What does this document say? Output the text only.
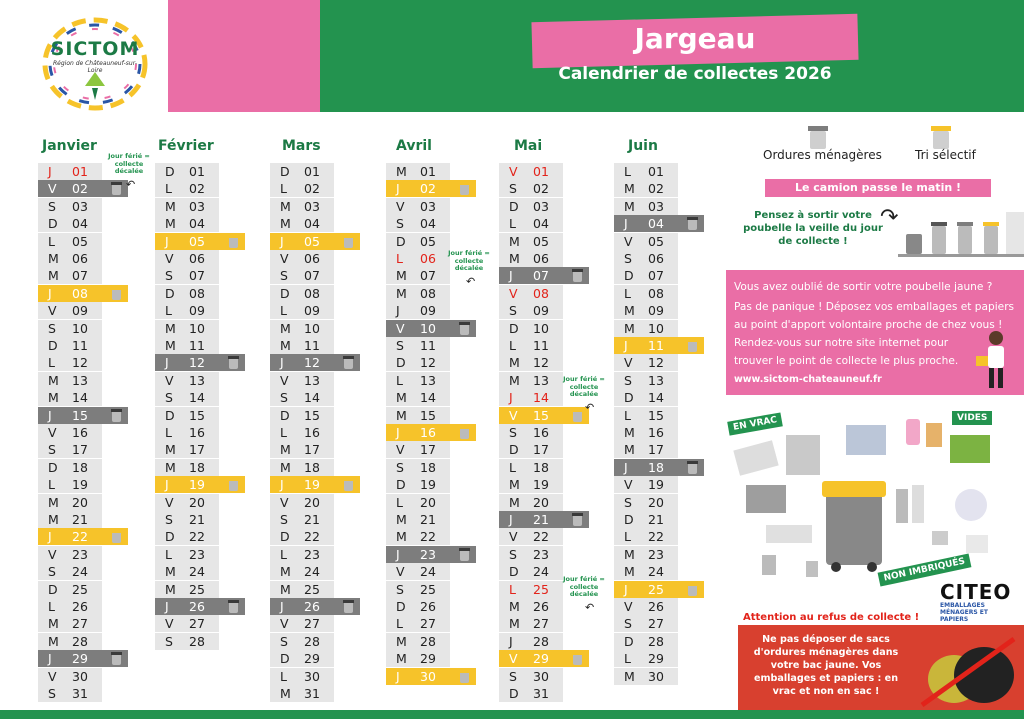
SICTOM
Région de Châteauneuf-sur-Loire
Jargeau
Calendrier de collectes 2026
Janvier
J 01
V 02
S 03
D 04
L 05
M 06
M 07
J 08
V 09
S 10
D 11
L 12
M 13
M 14
J 15
V 16
S 17
D 18
L 19
M 20
M 21
J 22
V 23
S 24
D 25
L 26
M 27
M 28
J 29
V 30
S 31
Février
D 01
L 02
M 03
M 04
J 05
V 06
S 07
D 08
L 09
M 10
M 11
J 12
V 13
S 14
D 15
L 16
M 17
M 18
J 19
V 20
S 21
D 22
L 23
M 24
M 25
J 26
V 27
S 28
Mars
D 01
L 02
M 03
M 04
J 05
V 06
S 07
D 08
L 09
M 10
M 11
J 12
V 13
S 14
D 15
L 16
M 17
M 18
J 19
V 20
S 21
D 22
L 23
M 24
M 25
J 26
V 27
S 28
D 29
L 30
M 31
Avril
M 01
J 02
V 03
S 04
D 05
L 06
M 07
M 08
J 09
V 10
S 11
D 12
L 13
M 14
M 15
J 16
V 17
S 18
D 19
L 20
M 21
M 22
J 23
V 24
S 25
D 26
L 27
M 28
M 29
J 30
Mai
V 01
S 02
D 03
L 04
M 05
M 06
J 07
V 08
S 09
D 10
L 11
M 12
M 13
J 14
V 15
S 16
D 17
L 18
M 19
M 20
J 21
V 22
S 23
D 24
L 25
M 26
M 27
J 28
V 29
S 30
D 31
Juin
L 01
M 02
M 03
J 04
V 05
S 06
D 07
L 08
M 09
M 10
J 11
V 12
S 13
D 14
L 15
M 16
M 17
J 18
V 19
S 20
D 21
L 22
M 23
M 24
J 25
V 26
S 27
D 28
L 29
M 30
Jour férié = collecte décalée
↶
Jour férié = collecte décalée
↶
Jour férié = collecte décalée
↶
Jour férié = collecte décalée
↶
Ordures ménagères	Tri sélectif
Le camion passe le matin !
Pensez à sortir votre poubelle la veille du jour de collecte !
↷

Vous avez oublié de sortir votre poubelle jaune ?

Pas de panique ! Déposez vos emballages et papiers

au point d'apport volontaire proche de chez vous !

Rendez-vous sur notre site internet pour

trouver le point de collecte le plus proche.

www.sictom-chateauneuf.fr
EN VRAC	VIDES
NON IMBRIQUÉS
CITEO
EMBALLAGES MÉNAGERS ET PAPIERS
Attention au refus de collecte !
Ne pas déposer de sacs d'ordures ménagères dans votre bac jaune. Vos emballages et papiers : en vrac et non en sac !
